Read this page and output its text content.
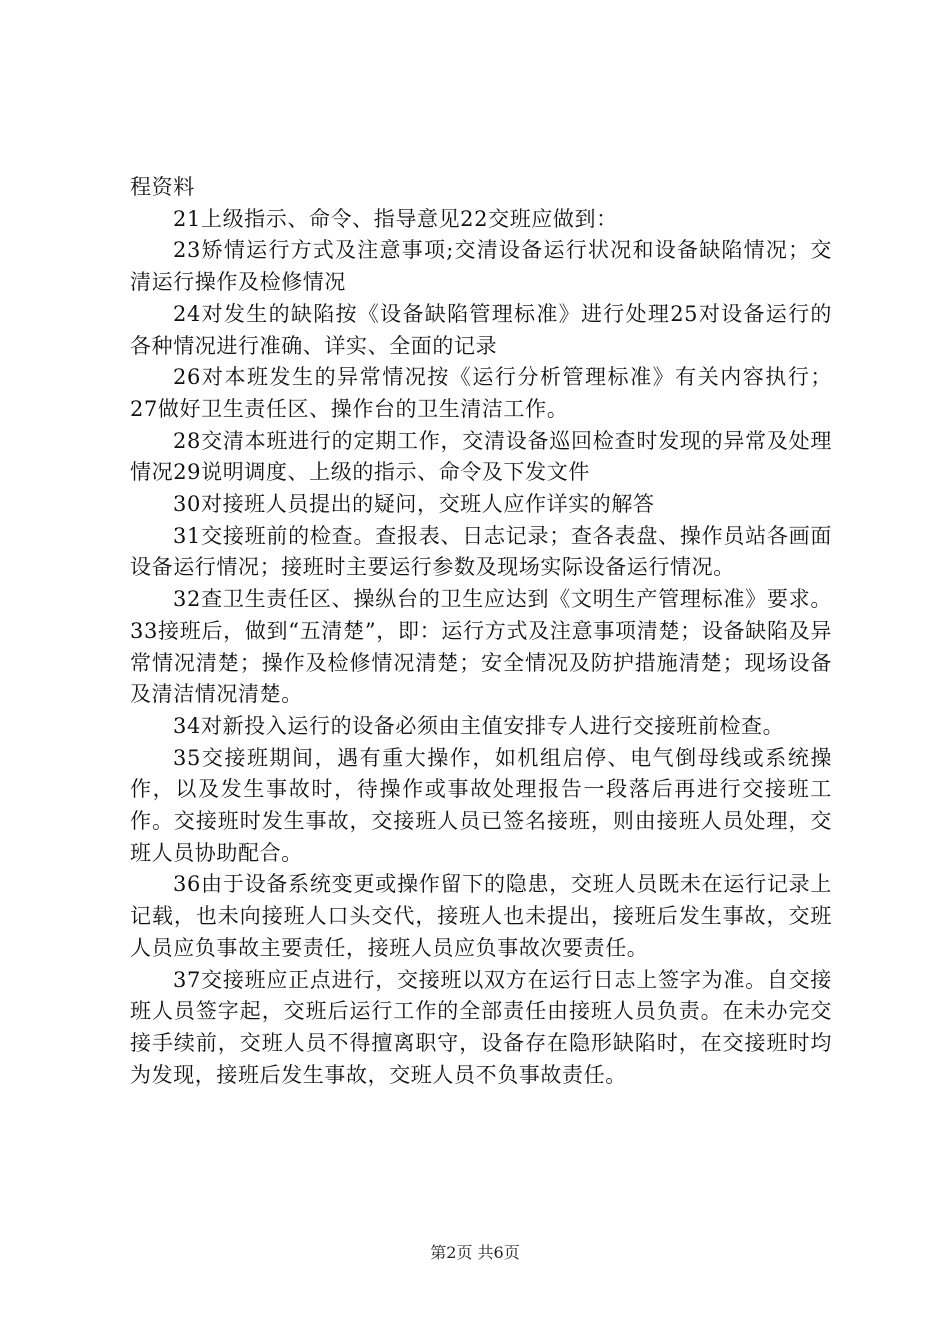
程资料

21上级指示、命令、指导意见22交班应做到：

23矫情运行方式及注意事项;交清设备运行状况和设备缺陷情况；交清运行操作及检修情况

24对发生的缺陷按《设备缺陷管理标准》进行处理25对设备运行的各种情况进行准确、详实、全面的记录

26对本班发生的异常情况按《运行分析管理标准》有关内容执行；27做好卫生责任区、操作台的卫生清洁工作。

28交清本班进行的定期工作，交清设备巡回检查时发现的异常及处理情况29说明调度、上级的指示、命令及下发文件

30对接班人员提出的疑问，交班人应作详实的解答

31交接班前的检查。查报表、日志记录；查各表盘、操作员站各画面设备运行情况；接班时主要运行参数及现场实际设备运行情况。

32查卫生责任区、操纵台的卫生应达到《文明生产管理标准》要求。33接班后，做到“五清楚”，即：运行方式及注意事项清楚；设备缺陷及异常情况清楚；操作及检修情况清楚；安全情况及防护措施清楚；现场设备及清洁情况清楚。

34对新投入运行的设备必须由主值安排专人进行交接班前检查。

35交接班期间，遇有重大操作，如机组启停、电气倒母线或系统操作，以及发生事故时，待操作或事故处理报告一段落后再进行交接班工作。交接班时发生事故，交接班人员已签名接班，则由接班人员处理，交班人员协助配合。

36由于设备系统变更或操作留下的隐患，交班人员既未在运行记录上记载，也未向接班人口头交代，接班人也未提出，接班后发生事故，交班人员应负事故主要责任，接班人员应负事故次要责任。

37交接班应正点进行，交接班以双方在运行日志上签字为准。自交接班人员签字起，交班后运行工作的全部责任由接班人员负责。在未办完交接手续前，交班人员不得擅离职守，设备存在隐形缺陷时，在交接班时均为发现，接班后发生事故，交班人员不负事故责任。

第2页 共6页
